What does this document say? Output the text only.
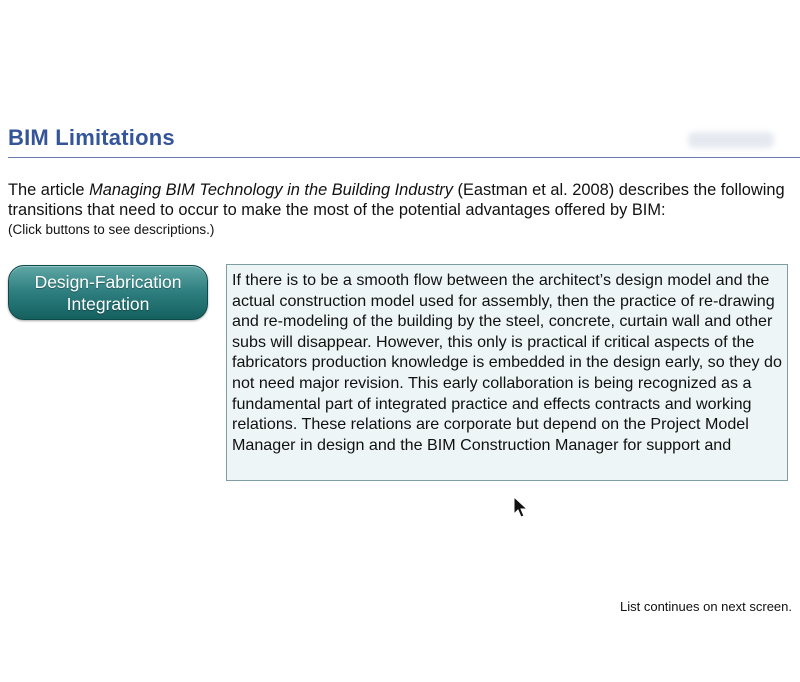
BIM Limitations

The article Managing BIM Technology in the Building Industry (Eastman et al. 2008) describes the following transitions that need to occur to make the most of the potential advantages offered by BIM:

(Click buttons to see descriptions.)
Design-Fabrication
Integration
If there is to be a smooth flow between the architect’s design model and the actual construction model used for assembly, then the practice of re-drawing and re-modeling of the building by the steel, concrete, curtain wall and other subs will disappear. However, this only is practical if critical aspects of the fabricators production knowledge is embedded in the design early, so they do not need major revision. This early collaboration is being recognized as a fundamental part of integrated practice and effects contracts and working relations. These relations are corporate but depend on the Project Model Manager in design and the BIM Construction Manager for support and
List continues on next screen.
